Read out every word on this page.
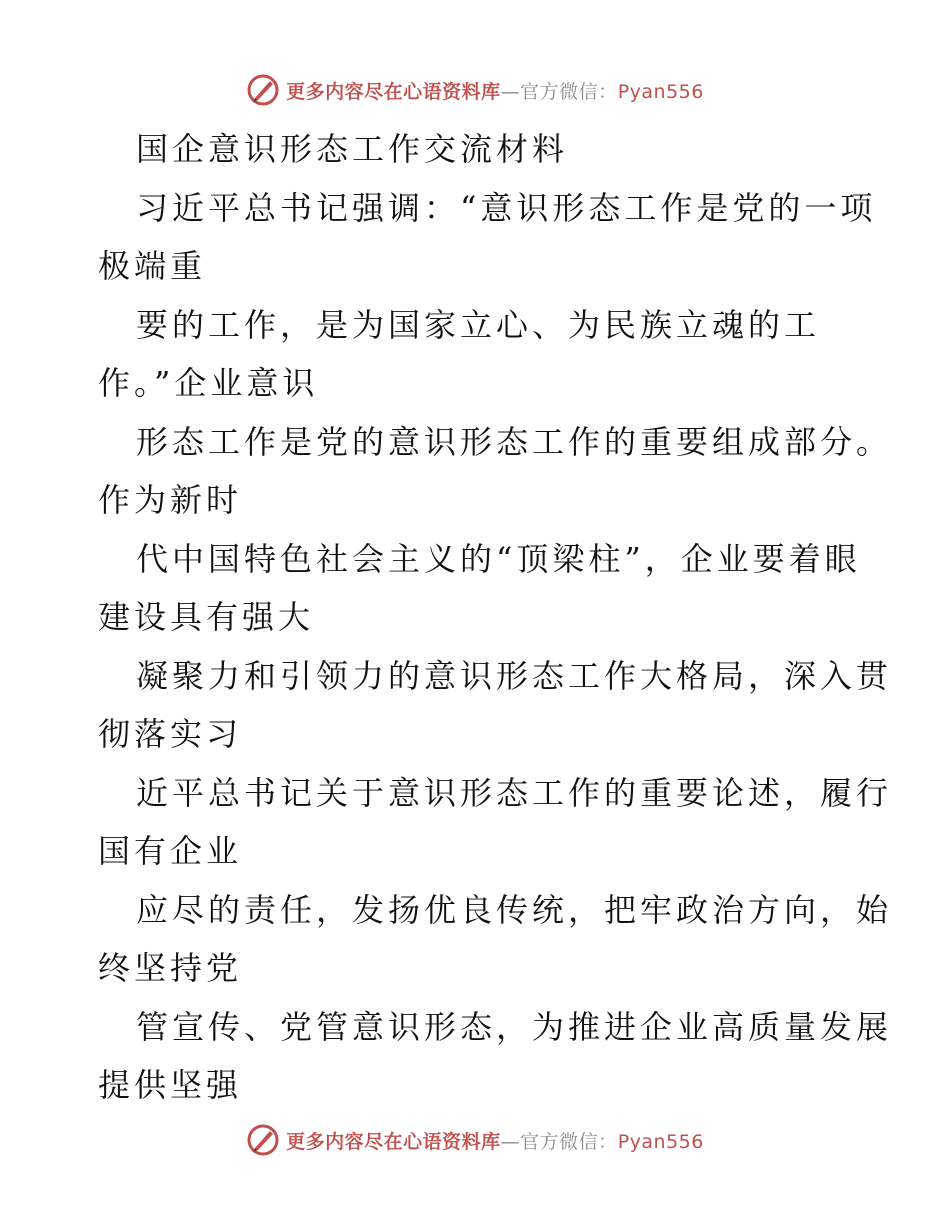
更多内容尽在心语资料库—官方微信：Pyan556
国企意识形态工作交流材料
习近平总书记强调：“意识形态工作是党的一项
极端重
要的工作，是为国家立心、为民族立魂的工
作。”企业意识
形态工作是党的意识形态工作的重要组成部分。
作为新时
代中国特色社会主义的“顶梁柱”，企业要着眼
建设具有强大
凝聚力和引领力的意识形态工作大格局，深入贯
彻落实习
近平总书记关于意识形态工作的重要论述，履行
国有企业
应尽的责任，发扬优良传统，把牢政治方向，始
终坚持党
管宣传、党管意识形态，为推进企业高质量发展
提供坚强
更多内容尽在心语资料库—官方微信：Pyan556
